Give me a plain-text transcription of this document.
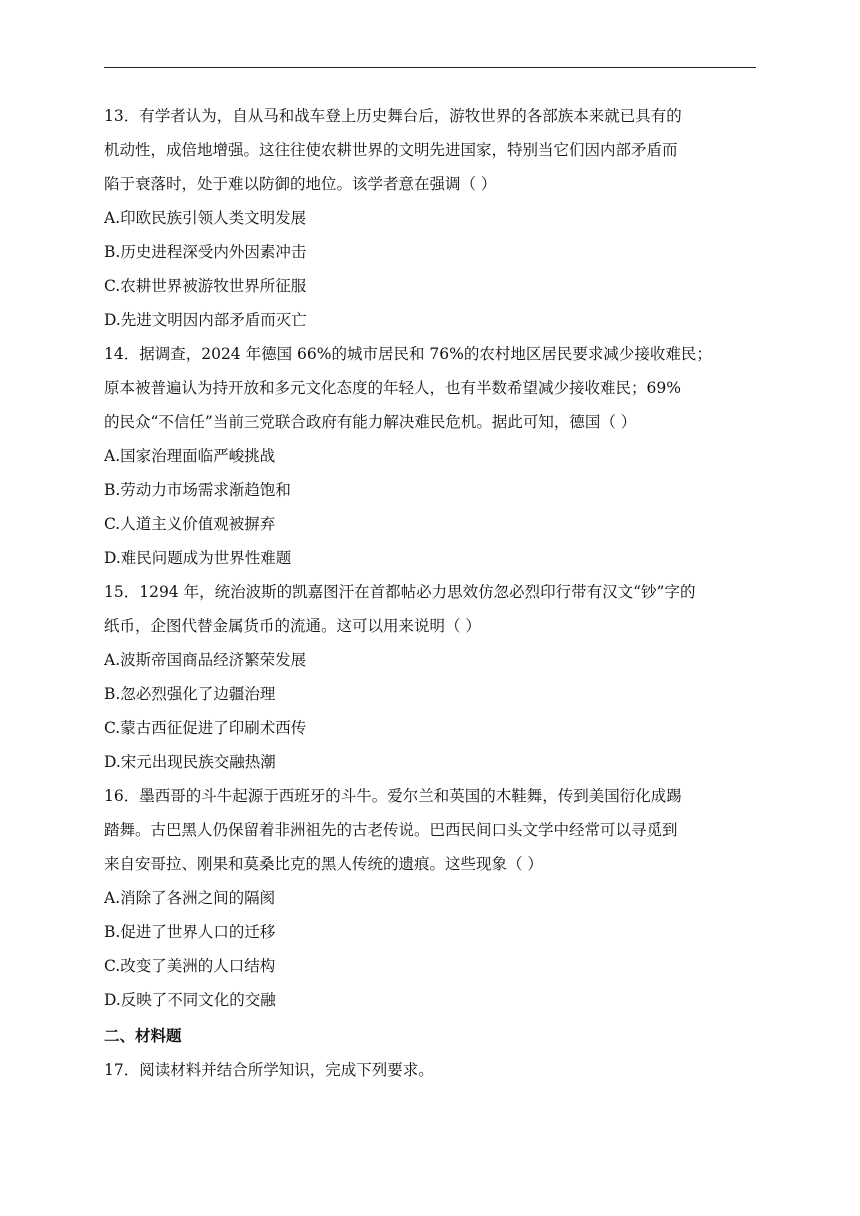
13．有学者认为，自从马和战车登上历史舞台后，游牧世界的各部族本来就已具有的
机动性，成倍地增强。这往往使农耕世界的文明先进国家，特别当它们因内部矛盾而
陷于衰落时，处于难以防御的地位。该学者意在强调（ ）
A.印欧民族引领人类文明发展
B.历史进程深受内外因素冲击
C.农耕世界被游牧世界所征服
D.先进文明因内部矛盾而灭亡
14．据调查，2024 年德国 66%的城市居民和 76%的农村地区居民要求减少接收难民；
原本被普遍认为持开放和多元文化态度的年轻人，也有半数希望减少接收难民；69%
的民众“不信任”当前三党联合政府有能力解决难民危机。据此可知，德国（ ）
A.国家治理面临严峻挑战
B.劳动力市场需求渐趋饱和
C.人道主义价值观被摒弃
D.难民问题成为世界性难题
15．1294 年，统治波斯的凯嘉图汗在首都帖必力思效仿忽必烈印行带有汉文“钞”字的
纸币，企图代替金属货币的流通。这可以用来说明（ ）
A.波斯帝国商品经济繁荣发展
B.忽必烈强化了边疆治理
C.蒙古西征促进了印刷术西传
D.宋元出现民族交融热潮
16．墨西哥的斗牛起源于西班牙的斗牛。爱尔兰和英国的木鞋舞，传到美国衍化成踢
踏舞。古巴黑人仍保留着非洲祖先的古老传说。巴西民间口头文学中经常可以寻觅到
来自安哥拉、刚果和莫桑比克的黑人传统的遗痕。这些现象（ ）
A.消除了各洲之间的隔阂
B.促进了世界人口的迁移
C.改变了美洲的人口结构
D.反映了不同文化的交融
二、材料题
17．阅读材料并结合所学知识，完成下列要求。
